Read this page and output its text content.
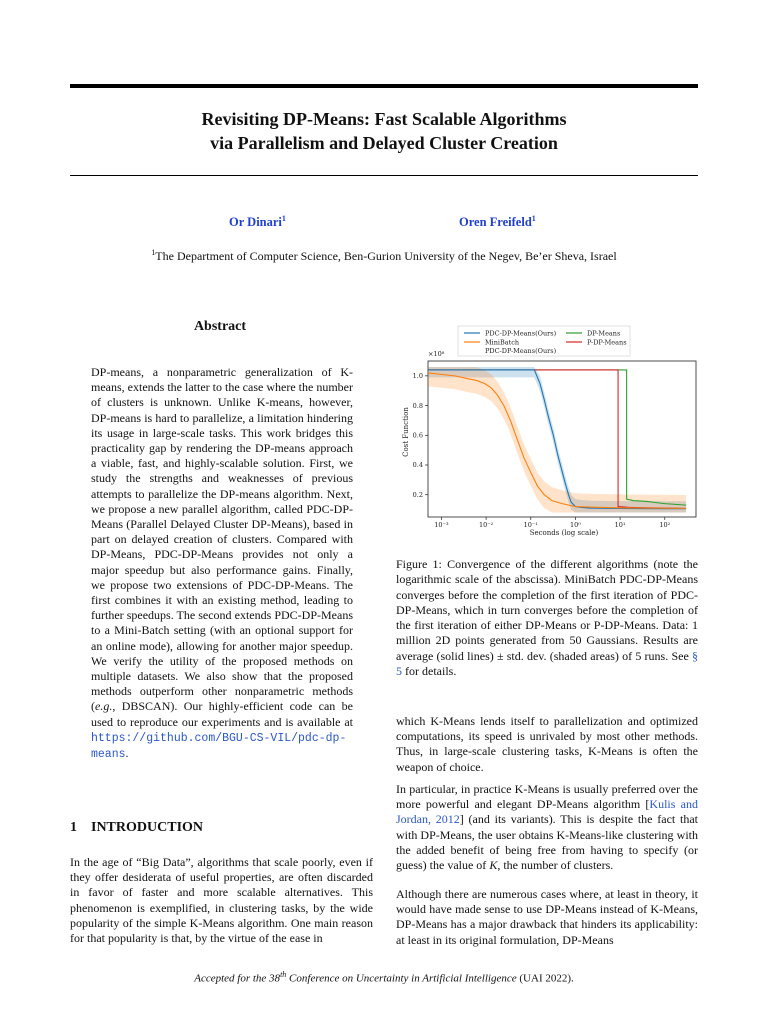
Revisiting DP-Means: Fast Scalable Algorithms
via Parallelism and Delayed Cluster Creation
Or Dinari$^1$	Oren Freifeld$^1$
$^1$The Department of Computer Science, Ben-Gurion University of the Negev, Be’er Sheva, Israel
Abstract

DP-means, a nonparametric generalization of K-means, extends the latter to the case where the number of clusters is unknown. Unlike K-means, however, DP-means is hard to parallelize, a limitation hindering its usage in large-scale tasks. This work bridges this practicality gap by rendering the DP-means approach a viable, fast, and highly-scalable solution. First, we study the strengths and weaknesses of previous attempts to parallelize the DP-means algorithm. Next, we propose a new parallel algorithm, called PDC-DP-Means (Parallel Delayed Cluster DP-Means), based in part on delayed creation of clusters. Compared with DP-Means, PDC-DP-Means provides not only a major speedup but also performance gains. Finally, we propose two extensions of PDC-DP-Means. The first combines it with an existing method, leading to further speedups. The second extends PDC-DP-Means to a Mini-Batch setting (with an optional support for an online mode), allowing for another major speedup. We verify the utility of the proposed methods on multiple datasets. We also show that the proposed methods outperform other nonparametric methods (e.g., DBSCAN). Our highly-efficient code can be used to reproduce our experiments and is available at https://github.com/BGU-CS-VIL/pdc-dp-means.

1 INTRODUCTION

In the age of “Big Data”, algorithms that scale poorly, even if they offer desiderata of useful properties, are often discarded in favor of faster and more scalable alternatives. This phenomenon is exemplified, in clustering tasks, by the wide popularity of the simple K-Means algorithm. One main reason for that popularity is that, by the virtue of the ease in

PDC-DP-Means(Ours)
MiniBatch
PDC-DP-Means(Ours)
DP-Means
P-DP-Means
×10⁸
10⁻³	10⁻²	10⁻¹	10⁰	10¹	10²
0.2
0.4
0.6
0.8
1.0
Seconds (log scale)
Cost Function
Figure 1: Convergence of the different algorithms (note the logarithmic scale of the abscissa). MiniBatch PDC-DP-Means converges before the completion of the first iteration of PDC-DP-Means, which in turn converges before the completion of the first iteration of either DP-Means or P-DP-Means. Data: 1 million 2D points generated from 50 Gaussians. Results are average (solid lines) ± std. dev. (shaded areas) of 5 runs. See § 5 for details.

which K-Means lends itself to parallelization and optimized computations, its speed is unrivaled by most other methods. Thus, in large-scale clustering tasks, K-Means is often the weapon of choice.

In particular, in practice K-Means is usually preferred over the more powerful and elegant DP-Means algorithm [Kulis and Jordan, 2012] (and its variants). This is despite the fact that with DP-Means, the user obtains K-Means-like clustering with the added benefit of being free from having to specify (or guess) the value of K, the number of clusters.

Although there are numerous cases where, at least in theory, it would have made sense to use DP-Means instead of K-Means, DP-Means has a major drawback that hinders its applicability: at least in its original formulation, DP-Means

Accepted for the 38th Conference on Uncertainty in Artificial Intelligence (UAI 2022).
